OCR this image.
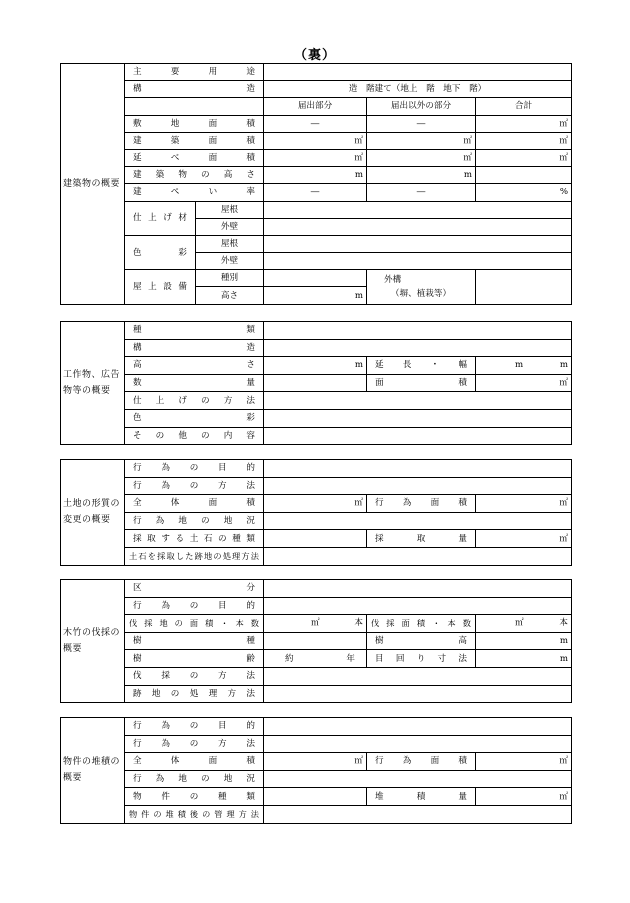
（裏）
建築物の概要	主要用途				
	構造		造　階建て（地上　階　地下　階）		
			届出部分	届出以外の部分	合計
	敷地面積		―	―	㎡
	建築面積		㎡	㎡	㎡
	延べ面積		㎡	㎡	㎡
	建築物の高さ		m	m	
	建ぺい率		―	―	%
	仕上げ材	屋根			
		外壁			
	色彩	屋根			
		外壁			
	屋上設備	種別		外構
（塀、植栽等）	

		高さ	m		
工作物、広告物等の概要	種類			
	構造			
	高さ	m	延長・幅	m m

	数量		面積	㎡
	仕上げの方法			
	色彩			
	その他の内容			
土地の形質の変更の概要	行為の目的			
	行為の方法			
	全体面積	㎡	行為面積	㎡
	行為地の地況			
	採取する土石の種類		採取量	㎡
	土石を採取した跡地の処理方法			
木竹の伐採の概要	区分			
	行為の目的			
	伐採地の面積・本数	㎡ 本	伐採面積・本数	㎡ 本

	樹種		樹高	m
	樹齢	約 年	目回り寸法	m
	伐採の方法			
	跡地の処理方法			
物件の堆積の概要	行為の目的			
	行為の方法			
	全体面積	㎡	行為面積	㎡
	行為地の地況			
	物件の種類		堆積量	㎡
	物件の堆積後の管理方法			
